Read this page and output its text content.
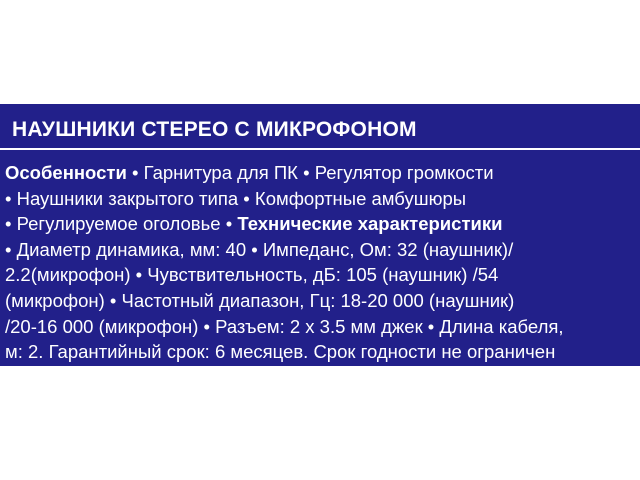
НАУШНИКИ СТЕРЕО С МИКРОФОНОМ
Особенности • Гарнитура для ПК • Регулятор громкости
• Наушники закрытого типа • Комфортные амбушюры
• Регулируемое оголовье • Технические характеристики
• Диаметр динамика, мм: 40 • Импеданс, Ом: 32 (наушник)/
2.2(микрофон) • Чувствительность, дБ: 105 (наушник) /54
(микрофон) • Частотный диапазон, Гц: 18-20 000 (наушник)
/20-16 000 (микрофон) • Разъем: 2 x 3.5 мм джек • Длина кабеля,
м: 2. Гарантийный срок: 6 месяцев. Срок годности не ограничен
